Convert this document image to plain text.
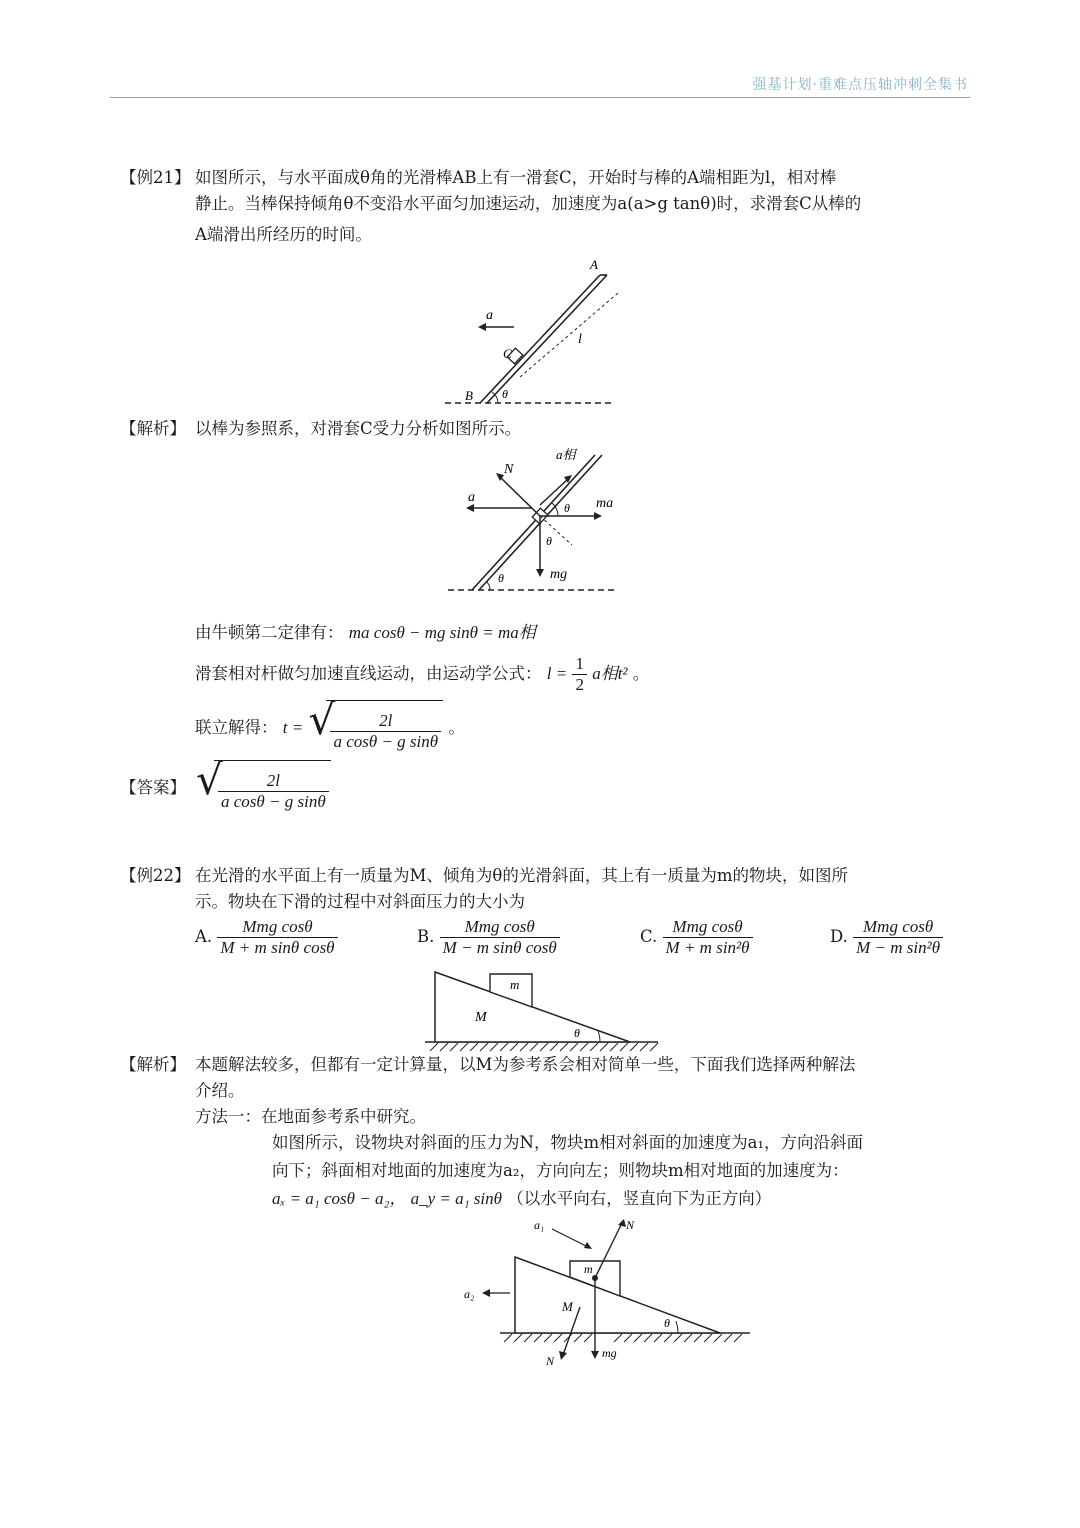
强基计划·重难点压轴冲刺全集书
【例21】 如图所示，与水平面成θ角的光滑棒AB上有一滑套C，开始时与棒的A端相距为l，相对棒
静止。当棒保持倾角θ不变沿水平面匀加速运动，加速度为a(a>g tanθ)时，求滑套C从棒的
A端滑出所经历的时间。
A
B
C
a
l
θ
【解析】 以棒为参照系，对滑套C受力分析如图所示。
N
a相
a	ma
θ
θ
θ	mg
由牛顿第二定律有： ma cosθ − mg sinθ = ma相
滑套相对杆做匀加速直线运动，由运动学公式： $l = \frac{1}{2}$ a相t² 。
联立解得： t = √
$\frac{2l}{\text{a cosθ − g sinθ}}$ 。
【答案】 √
$\frac{2l}{\text{a cosθ − g sinθ}}$
【例22】 在光滑的水平面上有一质量为M、倾角为θ的光滑斜面，其上有一质量为m的物块，如图所
示。物块在下滑的过程中对斜面压力的大小为
A. $\frac{\text{Mmg cosθ}}{\text{M + m sinθ cosθ}}$	B. $\frac{\text{Mmg cosθ}}{\text{M − m sinθ cosθ}}$	C. $\frac{\text{Mmg cosθ}}{\text{M + m sin²θ}}$	D. $\frac{\text{Mmg cosθ}}{\text{M − m sin²θ}}$
m
M
θ
【解析】 本题解法较多，但都有一定计算量，以M为参考系会相对简单一些，下面我们选择两种解法
介绍。
方法一：在地面参考系中研究。
如图所示，设物块对斜面的压力为N，物块m相对斜面的加速度为a₁，方向沿斜面
向下；斜面相对地面的加速度为a₂，方向向左；则物块m相对地面的加速度为：
aₓ = a₁ cosθ − a₂， a_y = a₁ sinθ （以水平向右，竖直向下为正方向）
a₁	N
m
a₂
M
θ
N
mg
